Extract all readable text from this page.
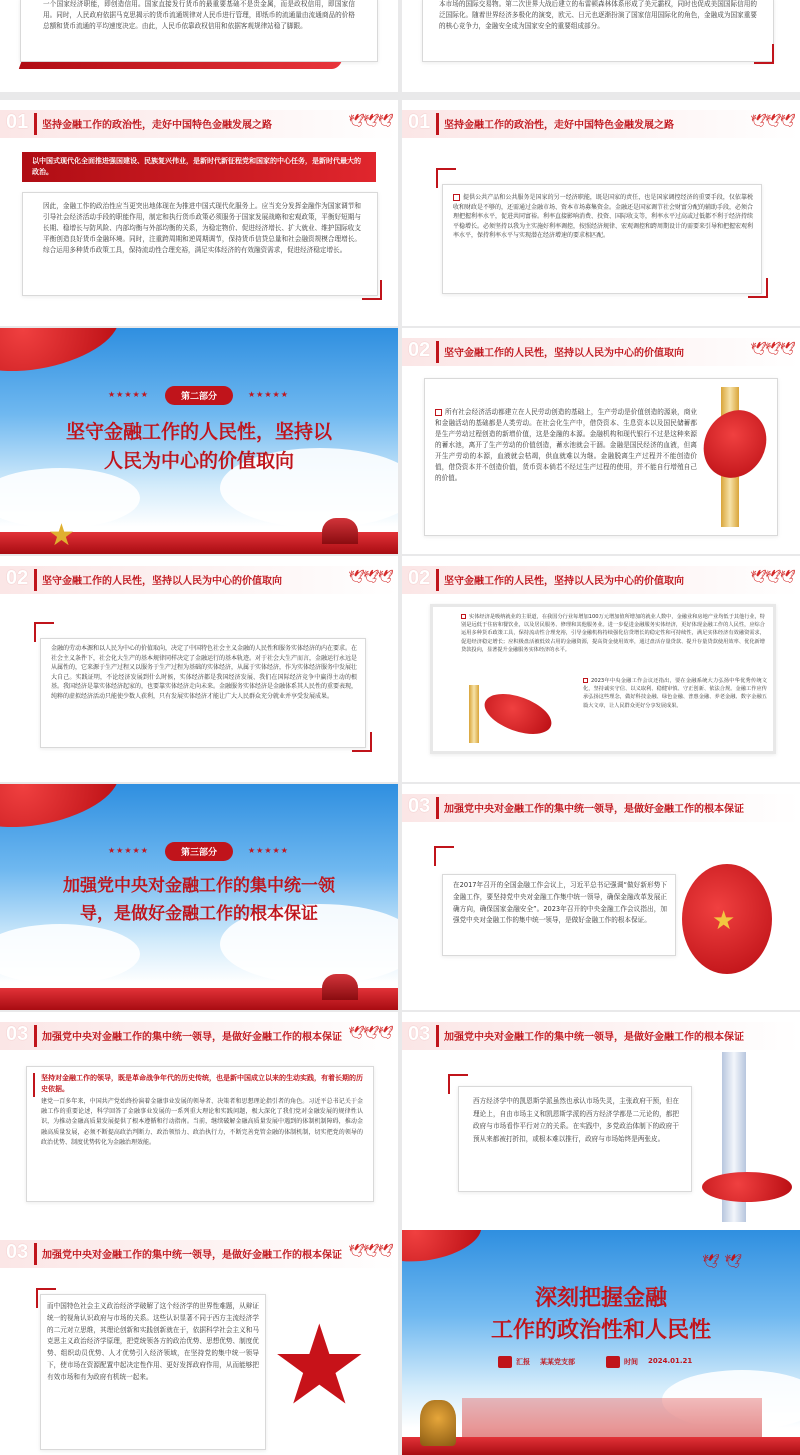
一个国家经济职能，即创造信用。国家直接发行货币的最重要基础不是贵金属，而是政权信用，即国家信用。同时，人民政府依据马克思揭示的货币流通规律对人民币进行管理，即纸币的流通量由流通商品的价格总额和货币流通的平均速度决定。由此，人民币依靠政权信用和依据客观规律站稳了脚跟。
本市场的国际交易物。第二次世界大战后建立的布雷顿森林体系形成了美元霸权，同时也促成美国国际信用的泛国际化。随着世界经济多极化的演变，欧元、日元也逐渐扮演了国家信用国际化的角色，金融成为国家重要的核心竞争力，金融安全成为国家安全的重要组成部分。
01 坚持金融工作的政治性，走好中国特色金融发展之路	🕊🕊🕊
以中国式现代化全面推进强国建设、民族复兴伟业，是新时代新征程党和国家的中心任务，是新时代最大的政治。
因此，金融工作的政治性应当更突出地体现在为推进中国式现代化服务上。应当充分发挥金融作为国家调节和引导社会经济活动手段的职能作用，制定和执行货币政策必须服务于国家发展战略和宏观政策，平衡好短期与长期、稳增长与防风险、内部均衡与外部均衡的关系，为稳定物价、促进经济增长、扩大就业、维护国际收支平衡创造良好货币金融环境。同时，注重跨周期和逆周期调节，保持货币信贷总量和社会融资规模合理增长。综合运用多种货币政策工具，保持流动性合理充裕，满足实体经济的有效融资需求，促进经济稳定增长。
01 坚持金融工作的政治性，走好中国特色金融发展之路	🕊🕊🕊
提供公共产品和公共服务是国家的另一经济职能，既是国家的责任，也是国家调控经济的重要手段，仅依靠税收和财政是不够的，还需通过金融市场、资本市场募集资金。金融还是国家调节社会财富分配的辅助手段，必须合理把握利率水平，促进共同富裕。利率直接影响消费、投资、国际收支等，利率水平过高或过低都不利于经济持续平稳增长。必须坚持以我为主实施好利率调控，按照经济规律、宏观调控和跨周期设计的需要来引导和把握宏观利率水平，保持利率水平与实现潜在经济增速的要求相匹配。
★★★★★	第二部分	★★★★★
坚守金融工作的人民性，坚持以
人民为中心的价值取向
★
02 坚守金融工作的人民性，坚持以人民为中心的价值取向	🕊🕊🕊
所有社会经济活动都建立在人民劳动创造的基础上，生产劳动是价值创造的源泉，商业和金融活动的基础都是人类劳动。在社会化生产中，借贷资本、生息资本以及国民储蓄都是生产劳动过程创造的新增价值，这是金融的本源。金融机构和现代银行不过是这种来源的蓄水池，离开了生产劳动的价值创造，蓄水池就会干涸。金融是国民经济的血液，但离开生产劳动的本源，血液就会枯竭，供血就难以为继。金融脱离生产过程并不能创造价值，借贷资本并不创造价值，货币资本倘若不经过生产过程的使用，并不能自行增殖自己的价值。
02 坚守金融工作的人民性，坚持以人民为中心的价值取向	🕊🕊🕊
金融的劳动本源和以人民为中心的价值取向，决定了中国特色社会主义金融的人民性和服务实体经济的内在要求。在社会主义条件下，社会化大生产的基本规律同样决定了金融运行的基本轨迹。对于社会大生产而言，金融运行永远是从属性的，它来源于生产过程又以服务于生产过程为基础的实体经济，从属于实体经济，作为实体经济服务中发展壮大自己。实践证明，不论经济发展到什么时候，实体经济都是我国经济发展、我们在国际经济竞争中赢得主动的根基。我国经济是靠实体经济起家的，也要靠实体经济走向未来。金融服务实体经济是金融体系其人民性的重要表现，纯粹的虚拟经济活动只能使少数人获利，只有发展实体经济才能让广大人民群众充分就业并享受发展成果。
02 坚守金融工作的人民性，坚持以人民为中心的价值取向	🕊🕊🕊
实体经济是吸纳就业的主渠道，在我国分行业每增加100万元增加值所增加的就业人数中，金融业和房地产业均低于其他行业，特别是远低于住宿和餐饮业，以及居民服务、修理和其他服务业。进一步促进金融服务实体经济，更好体现金融工作的人民性，应综合运用多种货币政策工具，保持流动性合理充裕，引导金融机构持续强化信贷增长的稳定性和可持续性，满足实体经济有效融资需求，促进经济稳定增长；应积极盘活被低效占用的金融资源，提高资金使用效率，通过盘活存量贷款、提升存量贷款使用效率、优化新增贷款投向，显著提升金融服务实体经济的水平。
2023年中央金融工作会议还指出，要在金融系统大力弘扬中华优秀传统文化，坚持诚实守信、以义取利、稳健审慎、守正创新、依法合规。金融工作应传承弘扬这些理念，做好科技金融、绿色金融、普惠金融、养老金融、数字金融五篇大文章，让人民群众更好分享发展成果。
★★★★★	第三部分	★★★★★
加强党中央对金融工作的集中统一领
导，是做好金融工作的根本保证
03 加强党中央对金融工作的集中统一领导，是做好金融工作的根本保证
在2017年召开的全国金融工作会议上，习近平总书记强调“做好新形势下金融工作，要坚持党中央对金融工作集中统一领导，确保金融改革发展正确方向，确保国家金融安全”。2023年召开的中央金融工作会议指出，加强党中央对金融工作的集中统一领导，是做好金融工作的根本保证。	★
03 加强党中央对金融工作的集中统一领导，是做好金融工作的根本保证 🕊🕊🕊
坚持对金融工作的领导，既是革命战争年代的历史传统，也是新中国成立以来的生动实践，有着长期的历史依据。
建党一百多年来，中国共产党始终扮演着金融事业发展的领导者、决策者和思想理论指引者的角色。习近平总书记关于金融工作的重要论述，科学回答了金融事业发展的一系列重大理论和实践问题，极大深化了我们党对金融发展的规律性认识，为推动金融高质量发展提供了根本遵循和行动指南。当前，继续破解金融高质量发展中遇到的体制机制障碍，推动金融高质量发展，必须不断提高政治判断力、政治领悟力、政治执行力，不断完善党管金融的体制机制，切实把党的领导的政治优势、制度优势转化为金融治理效能。
03 加强党中央对金融工作的集中统一领导，是做好金融工作的根本保证
西方经济学中的凯恩斯学派虽然也承认市场失灵，主张政府干预，但在理论上，自由市场主义和凯恩斯学派的西方经济学都是二元论的，都把政府与市场看作平行对立的关系。在实践中，多党政治体制下的政府干预从来都被打折扣，或根本难以推行，政府与市场始终是两张皮。
03 加强党中央对金融工作的集中统一领导，是做好金融工作的根本保证 🕊🕊🕊
而中国特色社会主义政治经济学破解了这个经济学的世界性难题，从辩证统一的视角认识政府与市场的关系。这些认识显著不同于西方主流经济学的二元对立思维，其理论创新和实践创新就在于，依据科学社会主义和马克思主义政治经济学原理，把党统领各方的政治优势、思想优势、制度优势、组织动员优势、人才优势引入经济领域，在坚持党的集中统一领导下，使市场在资源配置中起决定性作用、更好发挥政府作用，从而能够把有效市场和有为政府有机统一起来。	★
🕊 🕊
深刻把握金融
工作的政治性和人民性
汇报 某某党支部	时间 2024.01.21
